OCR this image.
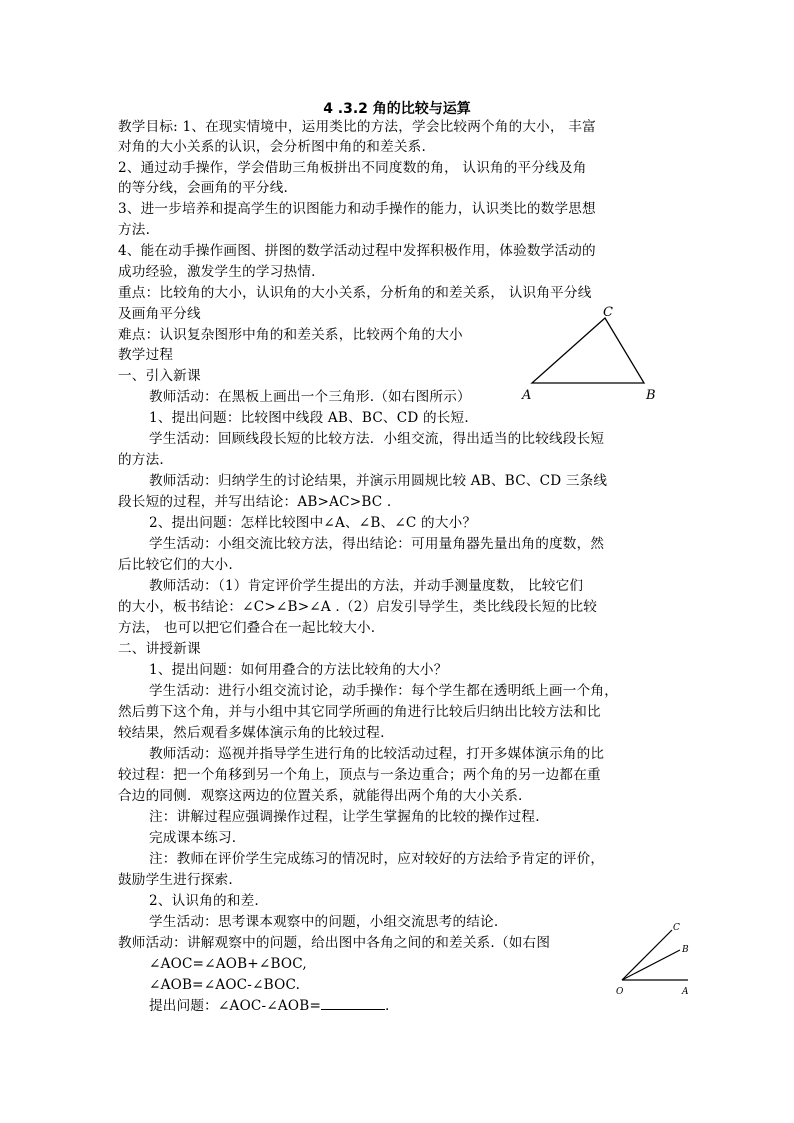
4 .3.2 角的比较与运算
教学目标: 1、在现实情境中，运用类比的方法，学会比较两个角的大小， 丰富
对角的大小关系的认识，会分析图中角的和差关系.
2、通过动手操作，学会借助三角板拼出不同度数的角， 认识角的平分线及角
的等分线，会画角的平分线.
3、进一步培养和提高学生的识图能力和动手操作的能力，认识类比的数学思想
方法.
4、能在动手操作画图、拼图的数学活动过程中发挥积极作用，体验数学活动的
成功经验，激发学生的学习热情.
重点：比较角的大小，认识角的大小关系，分析角的和差关系， 认识角平分线
及画角平分线
难点：认识复杂图形中角的和差关系，比较两个角的大小
教学过程
一、引入新课
教师活动：在黑板上画出一个三角形.（如右图所示）
1、提出问题：比较图中线段 AB、BC、CD 的长短.
学生活动：回顾线段长短的比较方法．小组交流，得出适当的比较线段长短
的方法.
教师活动：归纳学生的讨论结果，并演示用圆规比较 AB、BC、CD 三条线
段长短的过程，并写出结论：AB>AC>BC .
2、提出问题：怎样比较图中∠A、∠B、∠C 的大小？
学生活动：小组交流比较方法，得出结论：可用量角器先量出角的度数，然
后比较它们的大小.
教师活动：（1）肯定评价学生提出的方法，并动手测量度数， 比较它们
的大小，板书结论：∠C>∠B>∠A .（2）启发引导学生，类比线段长短的比较
方法， 也可以把它们叠合在一起比较大小.
二、讲授新课
1、提出问题：如何用叠合的方法比较角的大小？
学生活动：进行小组交流讨论，动手操作：每个学生都在透明纸上画一个角，
然后剪下这个角，并与小组中其它同学所画的角进行比较后归纳出比较方法和比
较结果，然后观看多媒体演示角的比较过程.
教师活动：巡视并指导学生进行角的比较活动过程，打开多媒体演示角的比
较过程：把一个角移到另一个角上，顶点与一条边重合；两个角的另一边都在重
合边的同侧．观察这两边的位置关系，就能得出两个角的大小关系.
注：讲解过程应强调操作过程，让学生掌握角的比较的操作过程.
完成课本练习.
注：教师在评价学生完成练习的情况时，应对较好的方法给予肯定的评价，
鼓励学生进行探索.
2、认识角的和差.
学生活动：思考课本观察中的问题，小组交流思考的结论.
教师活动：讲解观察中的问题，给出图中各角之间的和差关系.（如右图
∠AOC=∠AOB+∠BOC,
∠AOB=∠AOC-∠BOC.
提出问题：∠AOC-∠AOB=	.
A	B
C
O	A
B
C
